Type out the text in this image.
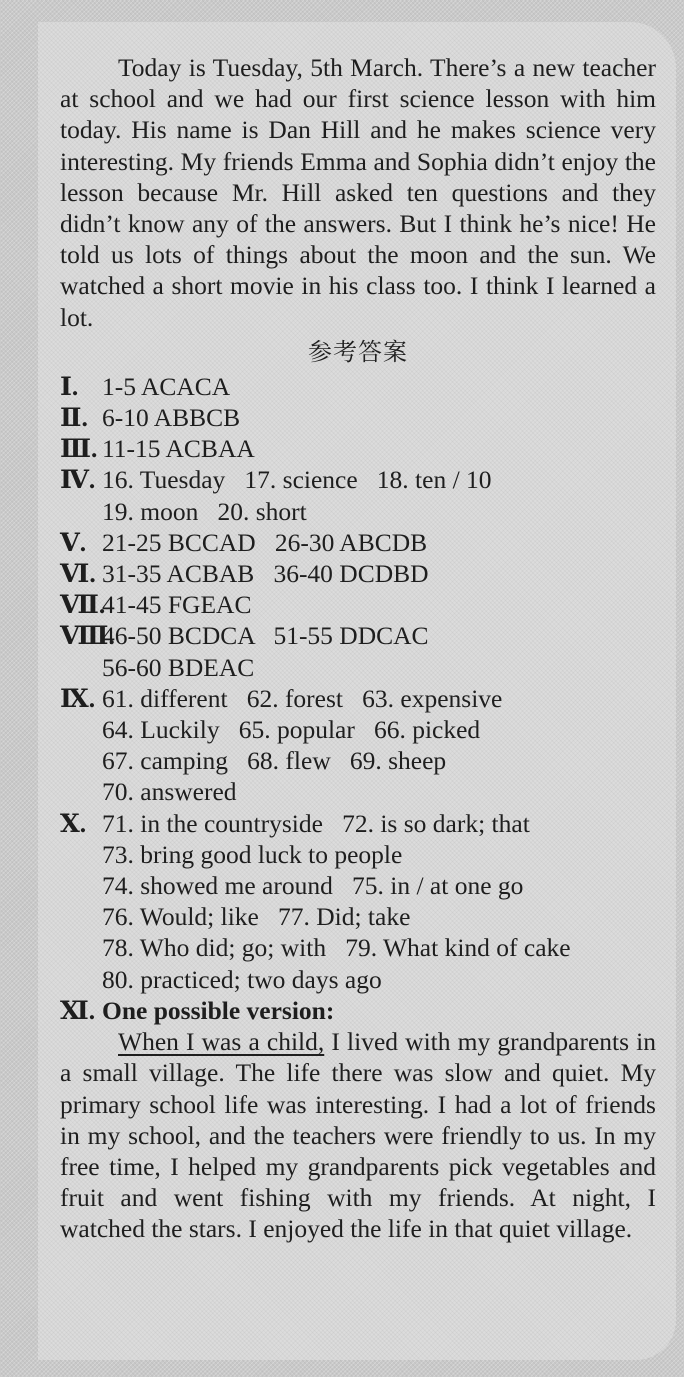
Today is Tuesday, 5th March. There’s a new teacher at school and we had our first science lesson with him today. His name is Dan Hill and he makes science very interesting. My friends Emma and Sophia didn’t enjoy the lesson because Mr. Hill asked ten questions and they didn’t know any of the answers. But I think he’s nice! He told us lots of things about the moon and the sun. We watched a short movie in his class too. I think I learned a lot.

参考答案
Ⅰ. 1-5 ACACA
Ⅱ. 6-10 ABBCB
Ⅲ. 11-15 ACBAA
Ⅳ. 16. Tuesday   17. science   18. ten / 10
19. moon   20. short
Ⅴ. 21-25 BCCAD   26-30 ABCDB
Ⅵ. 31-35 ACBAB   36-40 DCDBD
Ⅶ.
41-45 FGEAC
Ⅷ.
46-50 BCDCA   51-55 DDCAC
56-60 BDEAC
Ⅸ. 61. different   62. forest   63. expensive
64. Luckily   65. popular   66. picked
67. camping   68. flew   69. sheep
70. answered
Ⅹ. 71. in the countryside   72. is so dark; that
73. bring good luck to people
74. showed me around   75. in / at one go
76. Would; like   77. Did; take
78. Who did; go; with   79. What kind of cake
80. practiced; two days ago
Ⅺ. One possible version:

When I was a child, I lived with my grandparents in a small village. The life there was slow and quiet. My primary school life was interesting. I had a lot of friends in my school, and the teachers were friendly to us. In my free time, I helped my grandparents pick vegetables and fruit and went fishing with my friends. At night, I watched the stars. I enjoyed the life in that quiet village.
